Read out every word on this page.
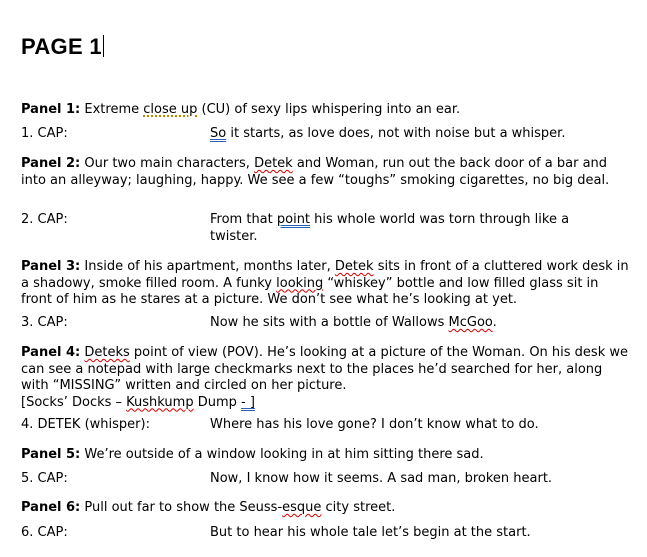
PAGE 1
Panel 1: Extreme close up (CU) of sexy lips whispering into an ear.
1. CAP:	So it starts, as love does, not with noise but a whisper.
Panel 2: Our two main characters, Detek and Woman, run out the back door of a bar and into an alleyway; laughing, happy. We see a few “toughs” smoking cigarettes, no big deal.
2. CAP:	From that point his whole world was torn through like a twister.
Panel 3: Inside of his apartment, months later, Detek sits in front of a cluttered work desk in a shadowy, smoke filled room. A funky looking “whiskey” bottle and low filled glass sit in front of him as he stares at a picture. We don’t see what he’s looking at yet.
3. CAP:	Now he sits with a bottle of Wallows McGoo.
Panel 4: Deteks point of view (POV). He’s looking at a picture of the Woman. On his desk we can see a notepad with large checkmarks next to the places he’d searched for her, along with “MISSING” written and circled on her picture.
[Socks’ Docks – Kushkump Dump - ]
4. DETEK (whisper):	Where has his love gone? I don’t know what to do.
Panel 5: We’re outside of a window looking in at him sitting there sad.
5. CAP:	Now, I know how it seems. A sad man, broken heart.
Panel 6: Pull out far to show the Seuss-esque city street.
6. CAP:	But to hear his whole tale let’s begin at the start.
